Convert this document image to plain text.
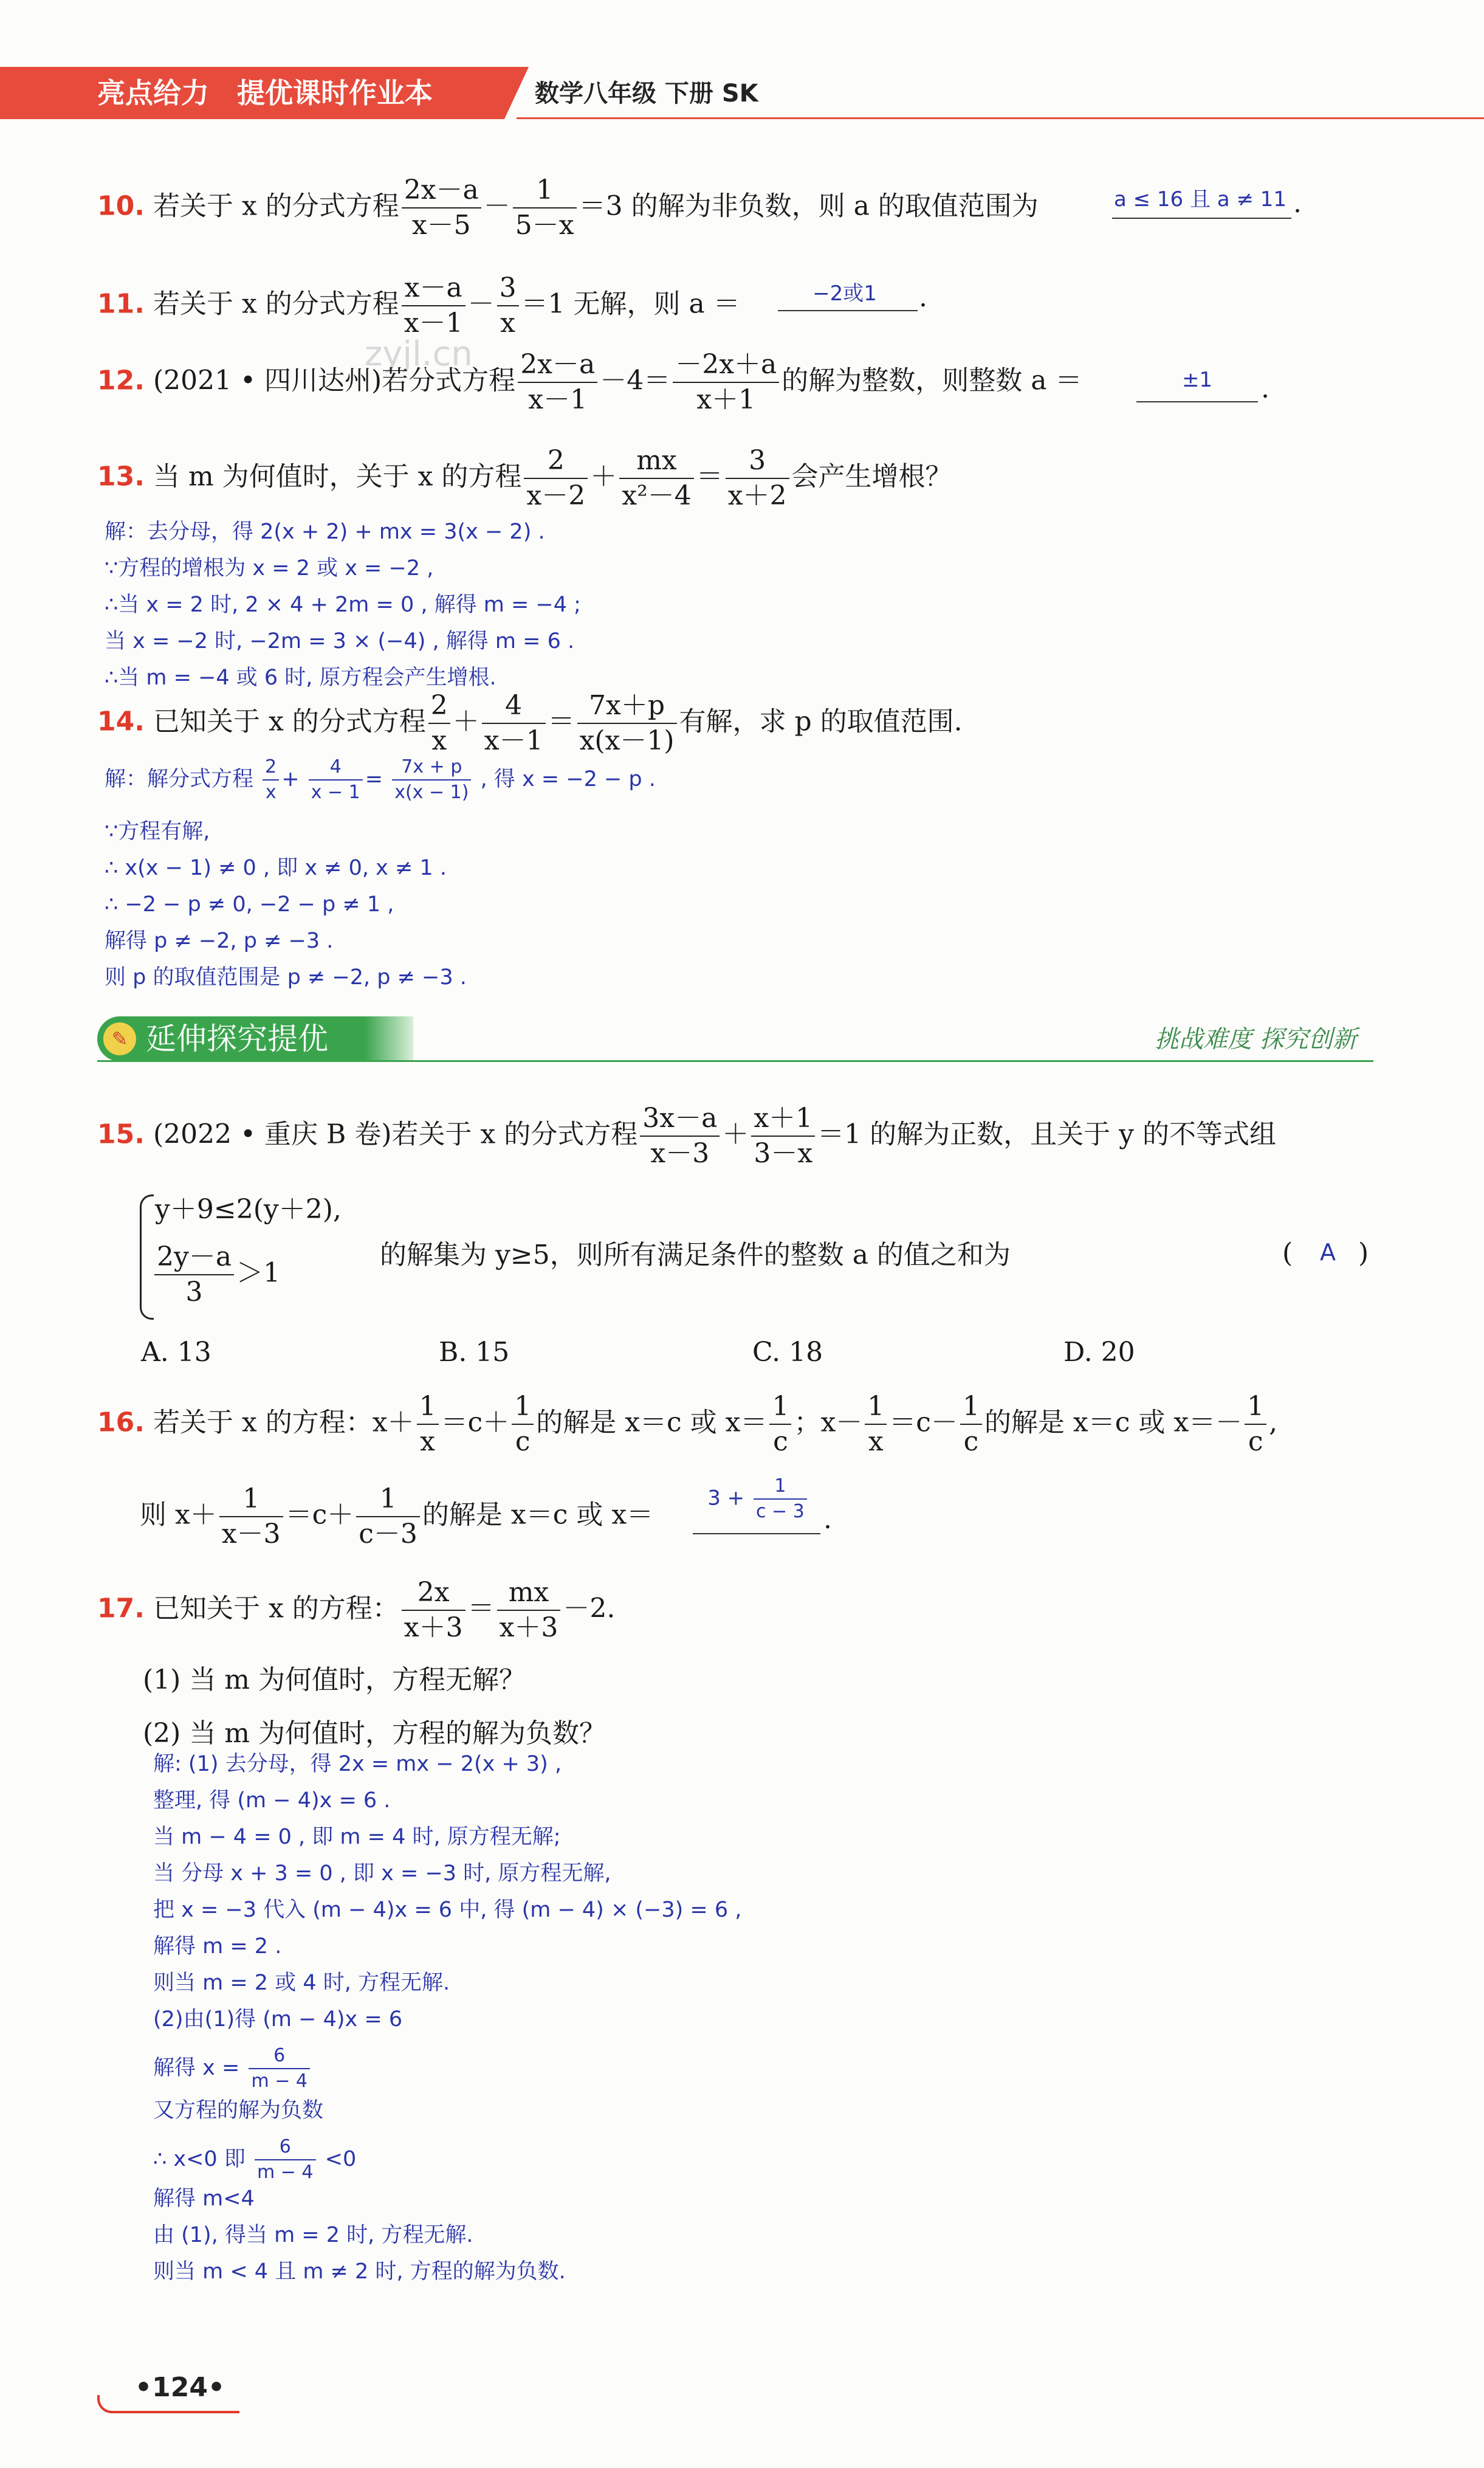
亮点给力 提优课时作业本	数学八年级 下册 SK
zyjl.cn
10. 若关于 x 的分式方程 $\frac{2x-a}{x-5} - \frac{1}{5-x} =3$ 的解为非负数，则 a 的取值范围为	a ≤ 16 且 a ≠ 11 .
11. 若关于 x 的分式方程 $\frac{x-a}{x-1} - \frac{3}{x} =1$ 无解，则 a ＝	−2或1	.
12. (2021 • 四川达州)若分式方程 $\frac{2x-a}{x-1} -4= \frac{-2x+a}{x+1}$ 的解为整数，则整数 a ＝	±1	.
13. 当 m 为何值时，关于 x 的方程 $\frac{2}{x-2} + \frac{mx}{\text{x²－4}} = \frac{3}{x+2}$ 会产生增根？
解：去分母，得 2(x + 2) + mx = 3(x − 2) .
∵方程的增根为 x = 2 或 x = −2 ,
∴当 x = 2 时, 2 × 4 + 2m = 0 , 解得 m = −4 ;
当 x = −2 时, −2m = 3 × (−4) , 解得 m = 6 .
∴当 m = −4 或 6 时, 原方程会产生增根.
14. 已知关于 x 的分式方程 $\frac{2}{x} + \frac{4}{x-1} = \frac{7x+p}{x(x-1)}$ 有解，求 p 的取值范围.
解：解分式方程 $\frac{2}{x} + \frac{4}{x - 1} = \frac{7x + p}{x(x - 1)}$ , 得 x = −2 − p .
∵方程有解,
∴ x(x − 1) ≠ 0 , 即 x ≠ 0, x ≠ 1 .
∴ −2 − p ≠ 0, −2 − p ≠ 1 ,
解得 p ≠ −2, p ≠ −3 .
则 p 的取值范围是 p ≠ −2, p ≠ −3 .
✎ 延伸探究提优	挑战难度 探究创新
15. (2022 • 重庆 B 卷)若关于 x 的分式方程 $\frac{3x-a}{x-3} + \frac{x+1}{3-x} =1$ 的解为正数，且关于 y 的不等式组
y＋9≤2(y＋2),
$\frac{2y-a}{3} >1$
的解集为 y≥5，则所有满足条件的整数 a 的值之和为	(	A )
A. 13	B. 15	C. 18	D. 20
16. 若关于 x 的方程：$x+ \frac{1}{x} =c+ \frac{1}{c}$ 的解是 x＝c 或 $x= \frac{1}{c}$ ；$x- \frac{1}{x} =c- \frac{1}{c}$ 的解是 x＝c 或 $x=- \frac{1}{c}$ ,
则 $x+ \frac{1}{x-3} =c+ \frac{1}{c-3}$ 的解是 x＝c 或 x＝
$3 + \frac{1}{c - 3}$ .
17. 已知关于 x 的方程： $\frac{2x}{x+3} = \frac{mx}{x+3} -2$.
(1) 当 m 为何值时，方程无解？
(2) 当 m 为何值时，方程的解为负数？
解: (1) 去分母，得 2x = mx − 2(x + 3) ,
整理, 得 (m − 4)x = 6 .
当 m − 4 = 0 , 即 m = 4 时, 原方程无解;
当 分母 x + 3 = 0 , 即 x = −3 时, 原方程无解,
把 x = −3 代入 (m − 4)x = 6 中, 得 (m − 4) × (−3) = 6 ,
解得 m = 2 .
则当 m = 2 或 4 时, 方程无解.
(2)由(1)得 (m − 4)x = 6
解得 $x = \frac{6}{m - 4}$
又方程的解为负数
∴ x<0 即 $\frac{6}{m - 4} <0$
解得 m<4
由 (1), 得当 m = 2 时, 方程无解.
则当 m < 4 且 m ≠ 2 时, 方程的解为负数.
•124•
